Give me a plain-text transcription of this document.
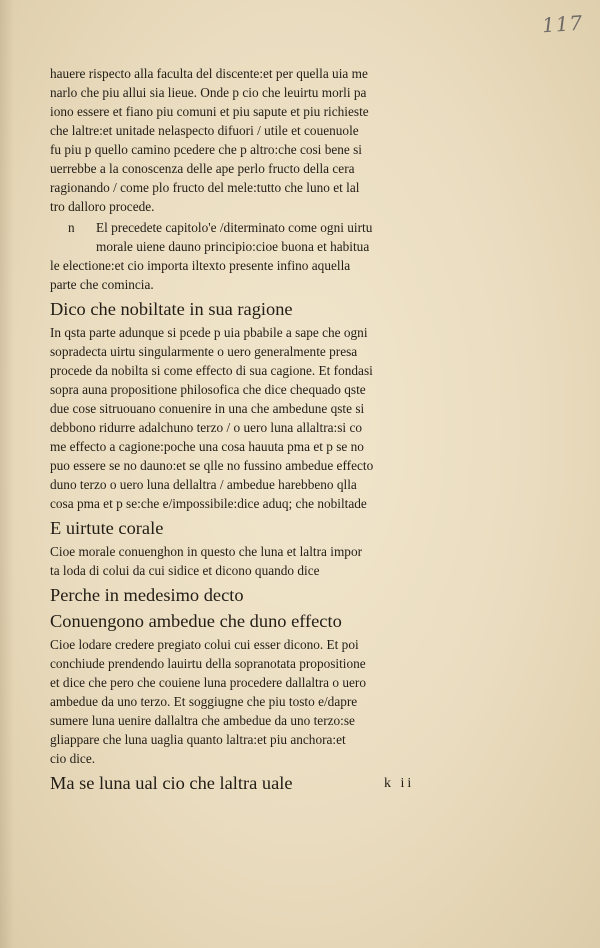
117
hauere rispecto alla faculta del discente:et per quella uia me
narlo che piu allui sia lieue. Onde p cio che leuirtu morli pa
iono essere et fiano piu comuni et piu sapute et piu richieste
che laltre:et unitade nelaspecto difuori / utile et couenuole
fu piu p quello camino pcedere che p altro:che cosi bene si
uerrebbe a la conoscenza delle ape perlo fructo della cera
ragionando / come plo fructo del mele:tutto che luno et lal
tro dalloro procede.
n El precedete capitolo'e /diterminato come ogni uirtu
morale uiene dauno principio:cioe buona et habitua
le electione:et cio importa iltexto presente infino aquella
parte che comincia.
Dico che nobiltate in sua ragione
In qsta parte adunque si pcede p uia pbabile a sape che ogni
sopradecta uirtu singularmente o uero generalmente presa
procede da nobilta si come effecto di sua cagione. Et fondasi
sopra auna propositione philosofica che dice chequado qste
due cose sitruouano conuenire in una che ambedune qste si
debbono ridurre adalchuno terzo / o uero luna allaltra:si co
me effecto a cagione:poche una cosa hauuta pma et p se no
puo essere se no dauno:et se qlle no fussino ambedue effecto
duno terzo o uero luna dellaltra / ambedue harebbeno qlla
cosa pma et p se:che e/impossibile:dice aduq; che nobiltade
E uirtute corale
Cioe morale conuenghon in questo che luna et laltra impor
ta loda di colui da cui sidice et dicono quando dice
Perche in medesimo decto
Conuengono ambedue che duno effecto
Cioe lodare credere pregiato colui cui esser dicono. Et poi
conchiude prendendo lauirtu della sopranotata propositione
et dice che pero che couiene luna procedere dallaltra o uero
ambedue da uno terzo. Et soggiugne che piu tosto e/dapre
sumere luna uenire dallaltra che ambedue da uno terzo:se
gliappare che luna uaglia quanto laltra:et piu anchora:et
cio dice.
Ma se luna ual cio che laltra uale	k ii
